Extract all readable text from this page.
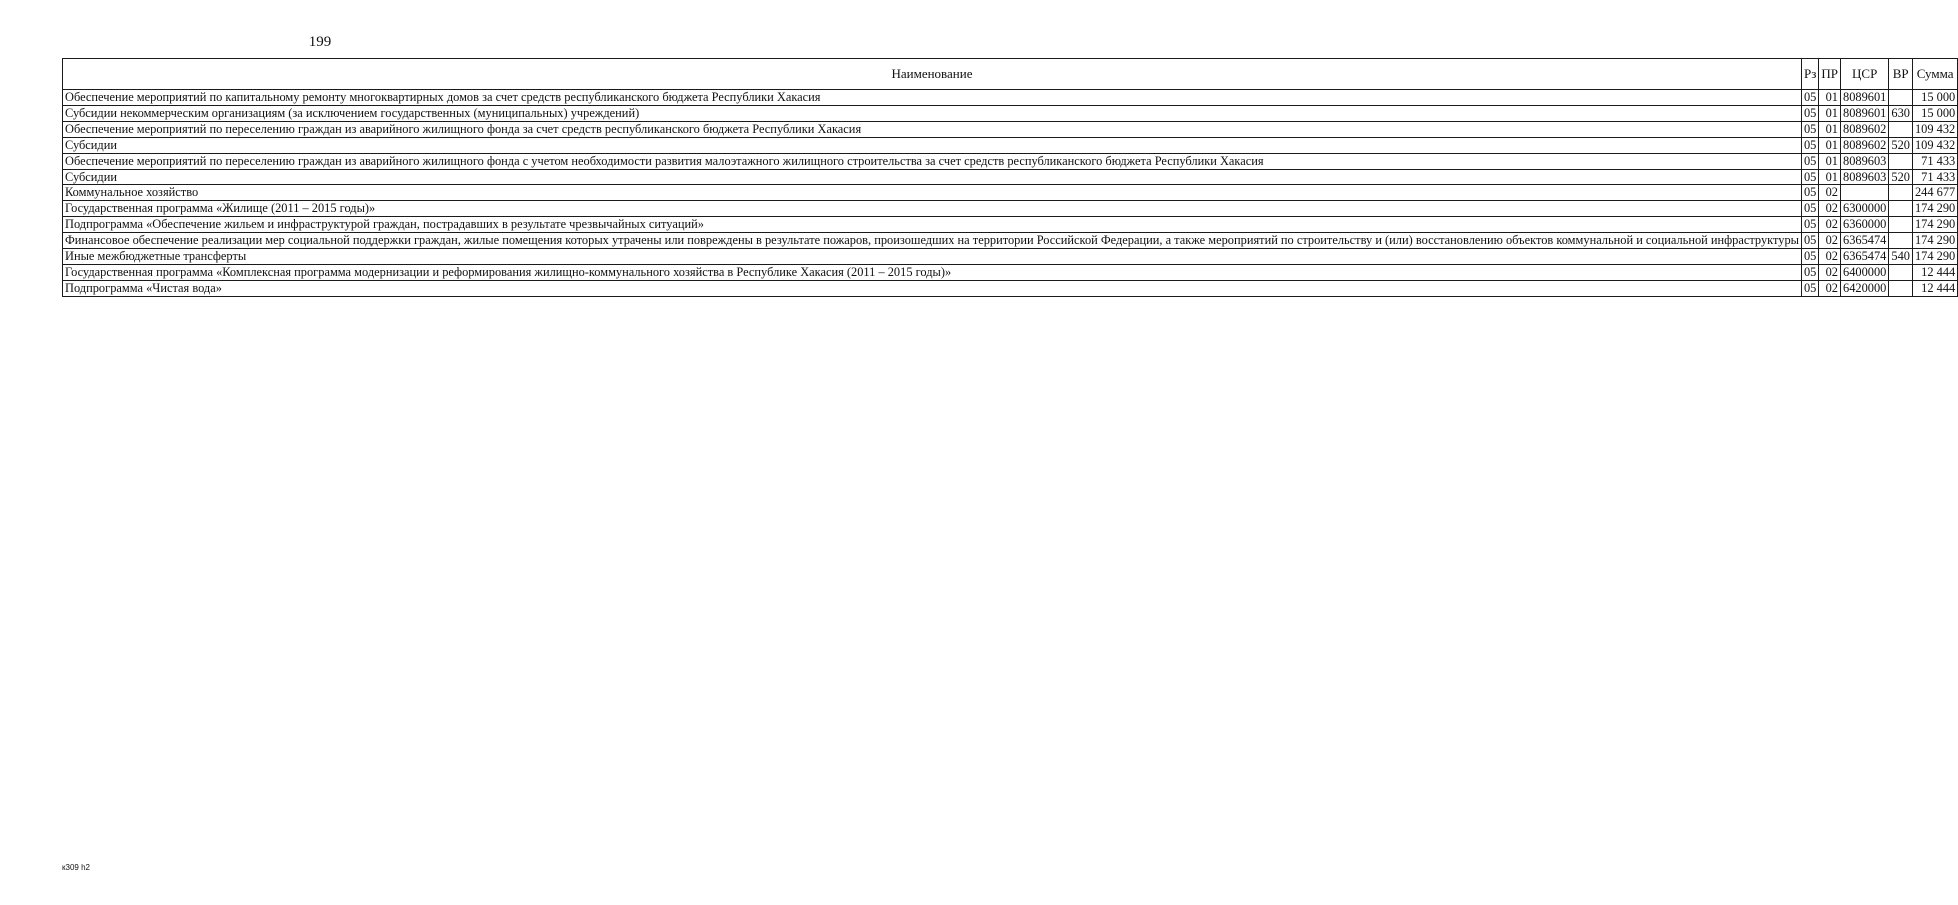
199
Наименование	Рз	ПР	ЦСР	ВР	Сумма
Обеспечение мероприятий по капитальному ремонту многоквартирных домов за счет средств республиканского бюджета Республики Хакасия	05	01	8089601		15 000
Субсидии некоммерческим организациям (за исключением государственных (муниципальных) учреждений)	05	01	8089601	630	15 000
Обеспечение мероприятий по переселению граждан из аварийного жилищного фонда за счет средств республиканского бюджета Республики Хакасия	05	01	8089602		109 432
Субсидии	05	01	8089602	520	109 432
Обеспечение мероприятий по переселению граждан из аварийного жилищного фонда с учетом необходимости развития малоэтажного жилищного строительства за счет средств республиканского бюджета Республики Хакасия	05	01	8089603		71 433
Субсидии	05	01	8089603	520	71 433
Коммунальное хозяйство	05	02			244 677
Государственная программа «Жилище (2011 – 2015 годы)»	05	02	6300000		174 290
Подпрограмма «Обеспечение жильем и инфраструктурой граждан, пострадавших в результате чрезвычайных ситуаций»	05	02	6360000		174 290
Финансовое обеспечение реализации мер социальной поддержки граждан, жилые помещения которых утрачены или повреждены в результате пожаров, произошедших на территории Российской Федерации, а также мероприятий по строительству и (или) восстановлению объектов коммунальной и социальной инфраструктуры	05	02	6365474		174 290
Иные межбюджетные трансферты	05	02	6365474	540	174 290
Государственная программа «Комплексная программа модернизации и реформирования жилищно-коммунального хозяйства в Республике Хакасия (2011 – 2015 годы)»	05	02	6400000		12 444
Подпрограмма «Чистая вода»	05	02	6420000		12 444
к309 h2
